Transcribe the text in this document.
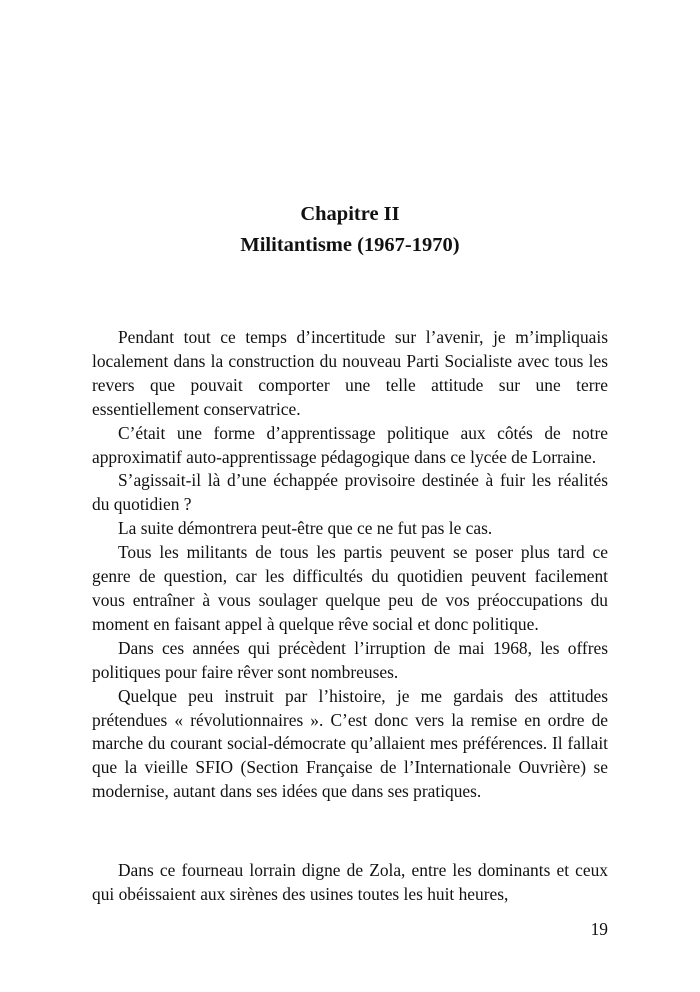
Chapitre II
Militantisme (1967-1970)

Pendant tout ce temps d’incertitude sur l’avenir, je m’impliquais localement dans la construction du nouveau Parti Socialiste avec tous les revers que pouvait comporter une telle attitude sur une terre essentiellement conservatrice.

C’était une forme d’apprentissage politique aux côtés de notre approximatif auto-apprentissage pédagogique dans ce lycée de Lorraine.

S’agissait-il là d’une échappée provisoire destinée à fuir les réalités du quotidien ?

La suite démontrera peut-être que ce ne fut pas le cas.

Tous les militants de tous les partis peuvent se poser plus tard ce genre de question, car les difficultés du quotidien peuvent facilement vous entraîner à vous soulager quelque peu de vos préoccupations du moment en faisant appel à quelque rêve social et donc politique.

Dans ces années qui précèdent l’irruption de mai 1968, les offres politiques pour faire rêver sont nombreuses.

Quelque peu instruit par l’histoire, je me gardais des attitudes prétendues « révolutionnaires ». C’est donc vers la remise en ordre de marche du courant social-démocrate qu’allaient mes préférences. Il fallait que la vieille SFIO (Section Française de l’Internationale Ouvrière) se modernise, autant dans ses idées que dans ses pratiques.

Dans ce fourneau lorrain digne de Zola, entre les dominants et ceux qui obéissaient aux sirènes des usines toutes les huit heures,

19
